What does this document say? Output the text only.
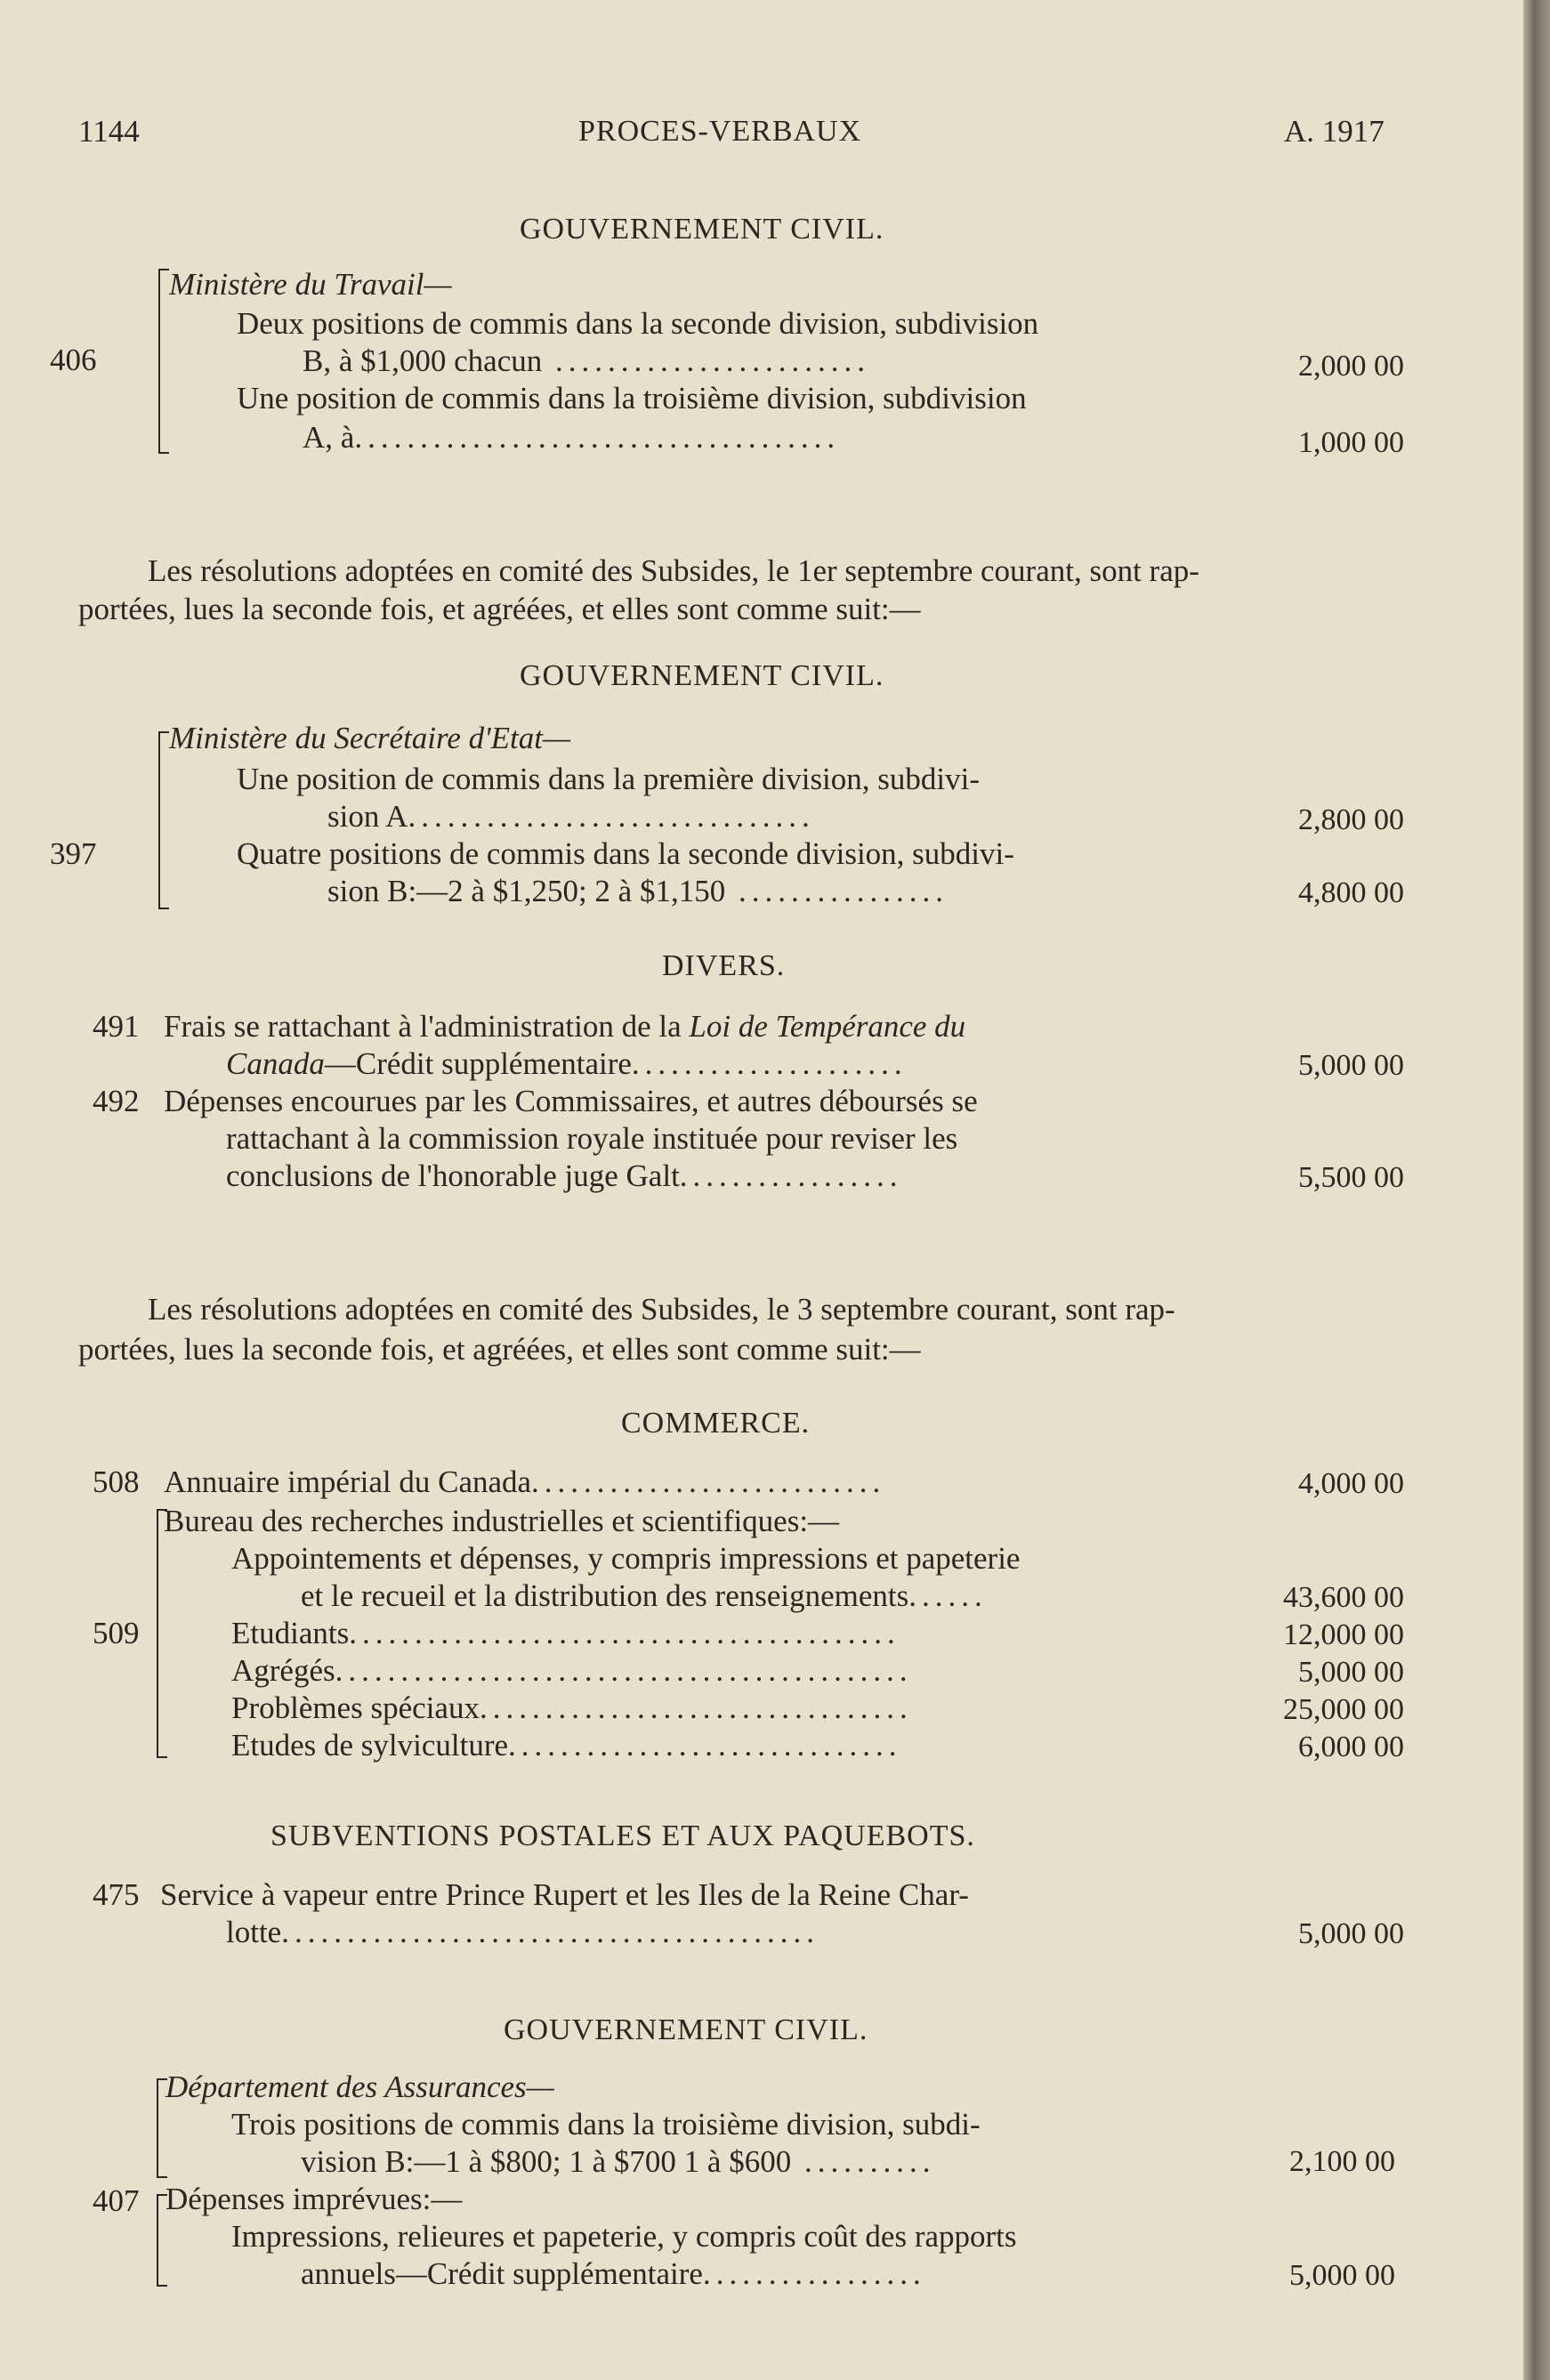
1144	PROCES-VERBAUX	A. 1917
GOUVERNEMENT CIVIL.
406
Ministère du Travail—
Deux positions de commis dans la seconde division, subdivision
B, à $1,000 chacun ........................	2,000 00
Une position de commis dans la troisième division, subdivision
A, à.....................................	1,000 00
Les résolutions adoptées en comité des Subsides, le 1er septembre courant, sont rap-
portées, lues la seconde fois, et agréées, et elles sont comme suit:—
GOUVERNEMENT CIVIL.
397
Ministère du Secrétaire d'Etat—
Une position de commis dans la première division, subdivi-
sion A...............................	2,800 00
Quatre positions de commis dans la seconde division, subdivi-
sion B:—2 à $1,250; 2 à $1,150 ................	4,800 00
DIVERS.
491 Frais se rattachant à l'administration de la Loi de Tempérance du
Canada—Crédit supplémentaire.....................	5,000 00
492 Dépenses encourues par les Commissaires, et autres déboursés se
rattachant à la commission royale instituée pour reviser les
conclusions de l'honorable juge Galt.................	5,500 00
Les résolutions adoptées en comité des Subsides, le 3 septembre courant, sont rap-
portées, lues la seconde fois, et agréées, et elles sont comme suit:—
COMMERCE.
508 Annuaire impérial du Canada...........................	4,000 00
509
Bureau des recherches industrielles et scientifiques:—
Appointements et dépenses, y compris impressions et papeterie
et le recueil et la distribution des renseignements......	43,600 00
Etudiants..........................................	12,000 00
Agrégés............................................	5,000 00
Problèmes spéciaux.................................	25,000 00
Etudes de sylviculture..............................	6,000 00
SUBVENTIONS POSTALES ET AUX PAQUEBOTS.
475 Service à vapeur entre Prince Rupert et les Iles de la Reine Char-
lotte.........................................	5,000 00
GOUVERNEMENT CIVIL.
407
Département des Assurances—
Trois positions de commis dans la troisième division, subdi-
vision B:—1 à $800; 1 à $700 1 à $600 ..........	2,100 00
Dépenses imprévues:—
Impressions, relieures et papeterie, y compris coût des rapports
annuels—Crédit supplémentaire.................	5,000 00
